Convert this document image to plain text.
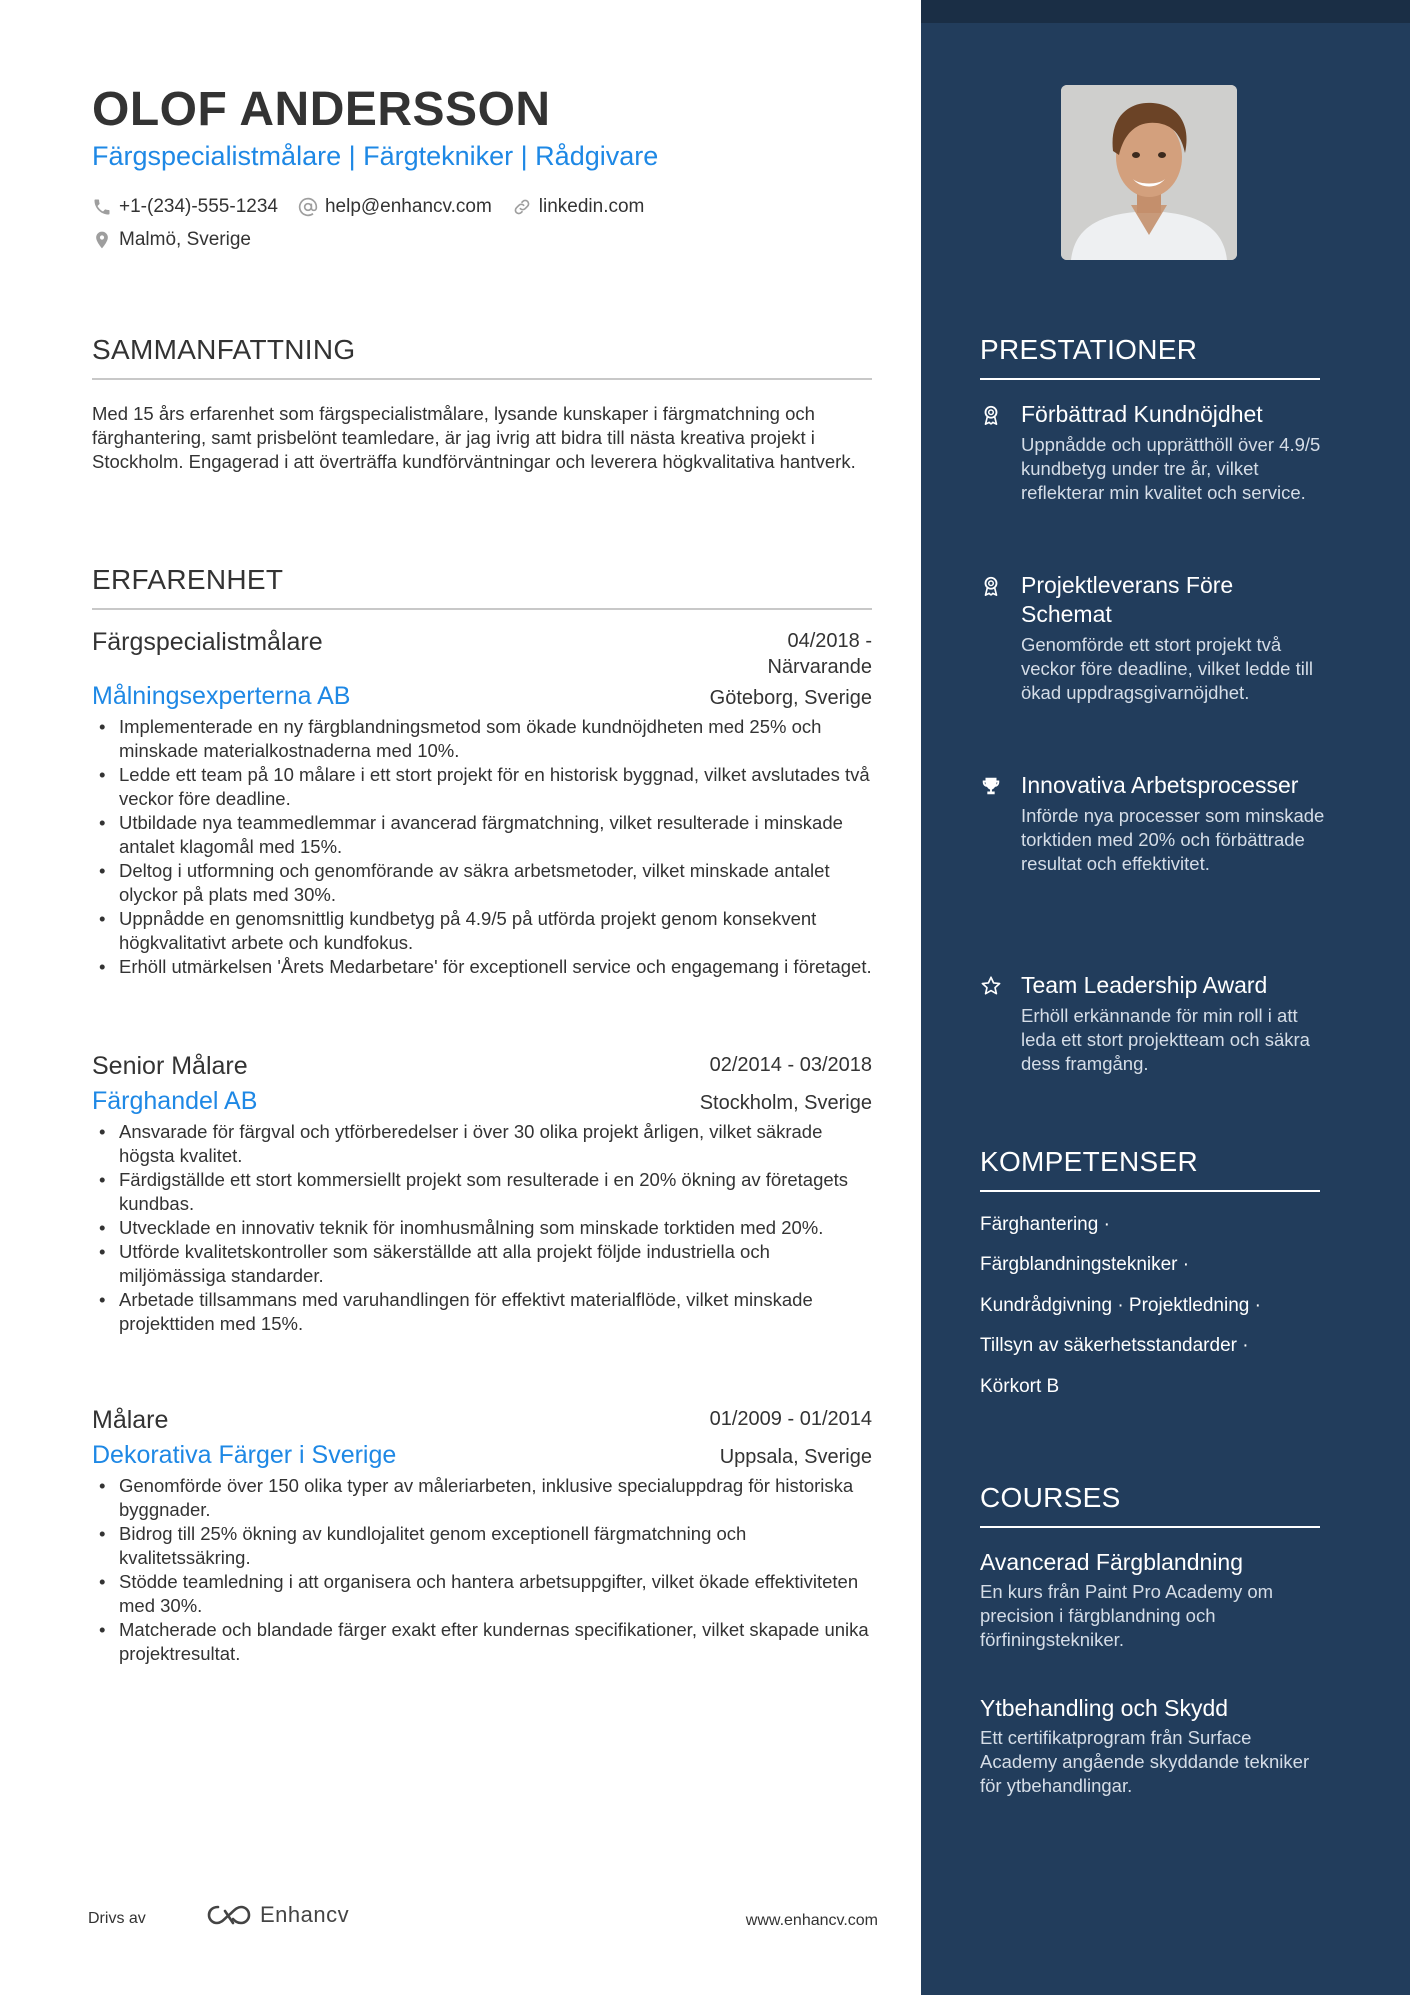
OLOF ANDERSSON
Färgspecialistmålare | Färgtekniker | Rådgivare
+1-(234)-555-1234 help@enhancv.com linkedin.com
Malmö, Sverige
SAMMANFATTNING
Med 15 års erfarenhet som färgspecialistmålare, lysande kunskaper i färgmatchning och färghantering, samt prisbelönt teamledare, är jag ivrig att bidra till nästa kreativa projekt i Stockholm. Engagerad i att överträffa kundförväntningar och leverera högkvalitativa hantverk.
ERFARENHET
Färgspecialistmålare	04/2018 - Närvarande
Målningsexperterna AB	Göteborg, Sverige
• Implementerade en ny färgblandningsmetod som ökade kundnöjdheten med 25% och minskade materialkostnaderna med 10%.
• Ledde ett team på 10 målare i ett stort projekt för en historisk byggnad, vilket avslutades två veckor före deadline.
• Utbildade nya teammedlemmar i avancerad färgmatchning, vilket resulterade i minskade antalet klagomål med 15%.
• Deltog i utformning och genomförande av säkra arbetsmetoder, vilket minskade antalet olyckor på plats med 30%.
• Uppnådde en genomsnittlig kundbetyg på 4.9/5 på utförda projekt genom konsekvent högkvalitativt arbete och kundfokus.
• Erhöll utmärkelsen 'Årets Medarbetare' för exceptionell service och engagemang i företaget.
Senior Målare	02/2014 - 03/2018
Färghandel AB	Stockholm, Sverige
• Ansvarade för färgval och ytförberedelser i över 30 olika projekt årligen, vilket säkrade högsta kvalitet.
• Färdigställde ett stort kommersiellt projekt som resulterade i en 20% ökning av företagets kundbas.
• Utvecklade en innovativ teknik för inomhusmålning som minskade torktiden med 20%.
• Utförde kvalitetskontroller som säkerställde att alla projekt följde industriella och miljömässiga standarder.
• Arbetade tillsammans med varuhandlingen för effektivt materialflöde, vilket minskade projekttiden med 15%.
Målare	01/2009 - 01/2014
Dekorativa Färger i Sverige	Uppsala, Sverige
• Genomförde över 150 olika typer av måleriarbeten, inklusive specialuppdrag för historiska byggnader.
• Bidrog till 25% ökning av kundlojalitet genom exceptionell färgmatchning och kvalitetssäkring.
• Stödde teamledning i att organisera och hantera arbetsuppgifter, vilket ökade effektiviteten med 30%.
• Matcherade och blandade färger exakt efter kundernas specifikationer, vilket skapade unika projektresultat.
Drivs av	Enhancv	www.enhancv.com
PRESTATIONER
Förbättrad Kundnöjdhet
Uppnådde och upprätthöll över 4.9/5 kundbetyg under tre år, vilket reflekterar min kvalitet och service.
Projektleverans Före Schemat
Genomförde ett stort projekt två veckor före deadline, vilket ledde till ökad uppdragsgivarnöjdhet.
Innovativa Arbetsprocesser
Införde nya processer som minskade torktiden med 20% och förbättrade resultat och effektivitet.
Team Leadership Award
Erhöll erkännande för min roll i att leda ett stort projektteam och säkra dess framgång.
KOMPETENSER
Färghantering ·
Färgblandningstekniker ·
Kundrådgivning · Projektledning ·
Tillsyn av säkerhetsstandarder ·
Körkort B
COURSES
Avancerad Färgblandning
En kurs från Paint Pro Academy om precision i färgblandning och förfiningstekniker.
Ytbehandling och Skydd
Ett certifikatprogram från Surface Academy angående skyddande tekniker för ytbehandlingar.
